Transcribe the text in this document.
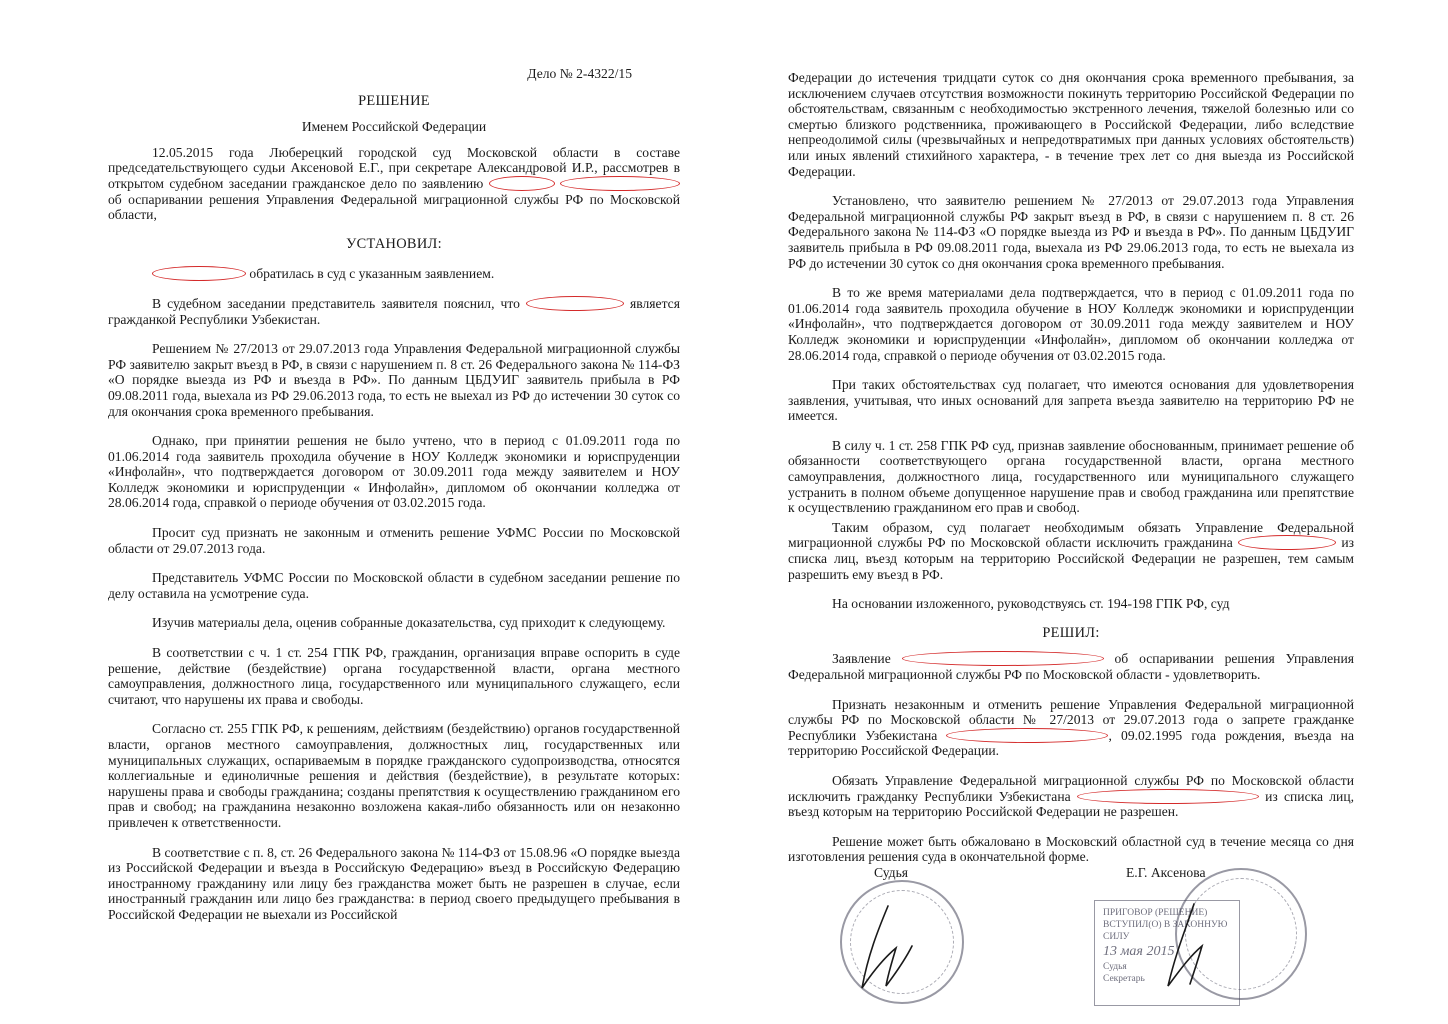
Дело № 2-4322/15
РЕШЕНИЕ
Именем Российской Федерации

12.05.2015 года Люберецкий городской суд Московской области в составе председательствующего судьи Аксеновой Е.Г., при секретаре Александровой И.Р., рассмотрев в открытом судебном заседании гражданское дело по заявлению   об оспаривании решения Управления Федеральной миграционной службы РФ по Московской области,

УСТАНОВИЛ:

обратилась в суд с указанным заявлением.

В судебном заседании представитель заявителя пояснил, что	является гражданкой Республики Узбекистан.

Решением № 27/2013 от 29.07.2013 года Управления Федеральной миграционной службы РФ заявителю закрыт въезд в РФ, в связи с нарушением п. 8 ст. 26 Федерального закона № 114-ФЗ «О порядке выезда из РФ и въезда в РФ». По данным ЦБДУИГ заявитель прибыла в РФ 09.08.2011 года, выехала из РФ 29.06.2013 года, то есть не выехал из РФ до истечении 30 суток со для окончания срока временного пребывания.

Однако, при принятии решения не было учтено, что в период с 01.09.2011 года по 01.06.2014 года заявитель проходила обучение в НОУ Колледж экономики и юриспруденции «Инфолайн», что подтверждается договором от 30.09.2011 года между заявителем и НОУ Колледж экономики и юриспруденции « Инфолайн», дипломом об окончании колледжа от 28.06.2014 года, справкой о периоде обучения от 03.02.2015 года.

Просит суд признать не законным и отменить решение УФМС России по Московской области от 29.07.2013 года.

Представитель УФМС России по Московской области в судебном заседании решение по делу оставила на усмотрение суда.

Изучив материалы дела, оценив собранные доказательства, суд приходит к следующему.

В соответствии с ч. 1 ст. 254 ГПК РФ, гражданин, организация вправе оспорить в суде решение, действие (бездействие) органа государственной власти, органа местного самоуправления, должностного лица, государственного или муниципального служащего, если считают, что нарушены их права и свободы.

Согласно ст. 255 ГПК РФ, к решениям, действиям (бездействию) органов государственной власти, органов местного самоуправления, должностных лиц, государственных или муниципальных служащих, оспариваемым в порядке гражданского судопроизводства, относятся коллегиальные и единоличные решения и действия (бездействие), в результате которых: нарушены права и свободы гражданина; созданы препятствия к осуществлению гражданином его прав и свобод; на гражданина незаконно возложена какая-либо обязанность или он незаконно привлечен к ответственности.

В соответствие с п. 8, ст. 26 Федерального закона № 114-ФЗ от 15.08.96 «О порядке выезда из Российской Федерации и въезда в Российскую Федерацию» въезд в Российскую Федерацию иностранному гражданину или лицу без гражданства может быть не разрешен в случае, если иностранный гражданин или лицо без гражданства: в период своего предыдущего пребывания в Российской Федерации не выехали из Российской

Федерации до истечения тридцати суток со дня окончания срока временного пребывания, за исключением случаев отсутствия возможности покинуть территорию Российской Федерации по обстоятельствам, связанным с необходимостью экстренного лечения, тяжелой болезнью или со смертью близкого родственника, проживающего в Российской Федерации, либо вследствие непреодолимой силы (чрезвычайных и непредотвратимых при данных условиях обстоятельств) или иных явлений стихийного характера, - в течение трех лет со дня выезда из Российской Федерации.

Установлено, что заявителю решением № 27/2013 от 29.07.2013 года Управления Федеральной миграционной службы РФ закрыт въезд в РФ, в связи с нарушением п. 8 ст. 26 Федерального закона № 114-ФЗ «О порядке выезда из РФ и въезда в РФ». По данным ЦБДУИГ заявитель прибыла в РФ 09.08.2011 года, выехала из РФ 29.06.2013 года, то есть не выехала из РФ до истечении 30 суток со дня окончания срока временного пребывания.

В то же время материалами дела подтверждается, что в период с 01.09.2011 года по 01.06.2014 года заявитель проходила обучение в НОУ Колледж экономики и юриспруденции «Инфолайн», что подтверждается договором от 30.09.2011 года между заявителем и НОУ Колледж экономики и юриспруденции «Инфолайн», дипломом об окончании колледжа от 28.06.2014 года, справкой о периоде обучения от 03.02.2015 года.

При таких обстоятельствах суд полагает, что имеются основания для удовлетворения заявления, учитывая, что иных оснований для запрета въезда заявителю на территорию РФ не имеется.

В силу ч. 1 ст. 258 ГПК РФ суд, признав заявление обоснованным, принимает решение об обязанности соответствующего органа государственной власти, органа местного самоуправления, должностного лица, государственного или муниципального служащего устранить в полном объеме допущенное нарушение прав и свобод гражданина или препятствие к осуществлению гражданином его прав и свобод.

Таким образом, суд полагает необходимым обязать Управление Федеральной миграционной службы РФ по Московской области исключить гражданина	из списка лиц, въезд которым на территорию Российской Федерации не разрешен, тем самым разрешить ему въезд в РФ.

На основании изложенного, руководствуясь ст. 194-198 ГПК РФ, суд

РЕШИЛ:

Заявление	об оспаривании решения Управления Федеральной миграционной службы РФ по Московской области - удовлетворить.

Признать незаконным и отменить решение Управления Федеральной миграционной службы РФ по Московской области № 27/2013 от 29.07.2013 года о запрете гражданке Республики Узбекистана	, 09.02.1995 года рождения, въезда на территорию Российской Федерации.

Обязать Управление Федеральной миграционной службы РФ по Московской области исключить гражданку Республики Узбекистана	из списка лиц, въезд которым на территорию Российской Федерации не разрешен.

Решение может быть обжаловано в Московский областной суд в течение месяца со дня изготовления решения суда в окончательной форме.

Судья	Е.Г. Аксенова
ПРИГОВОР (РЕШЕНИЕ)
ВСТУПИЛ(О) В ЗАКОННУЮ СИЛУ
13 мая 2015
Судья
Секретарь
